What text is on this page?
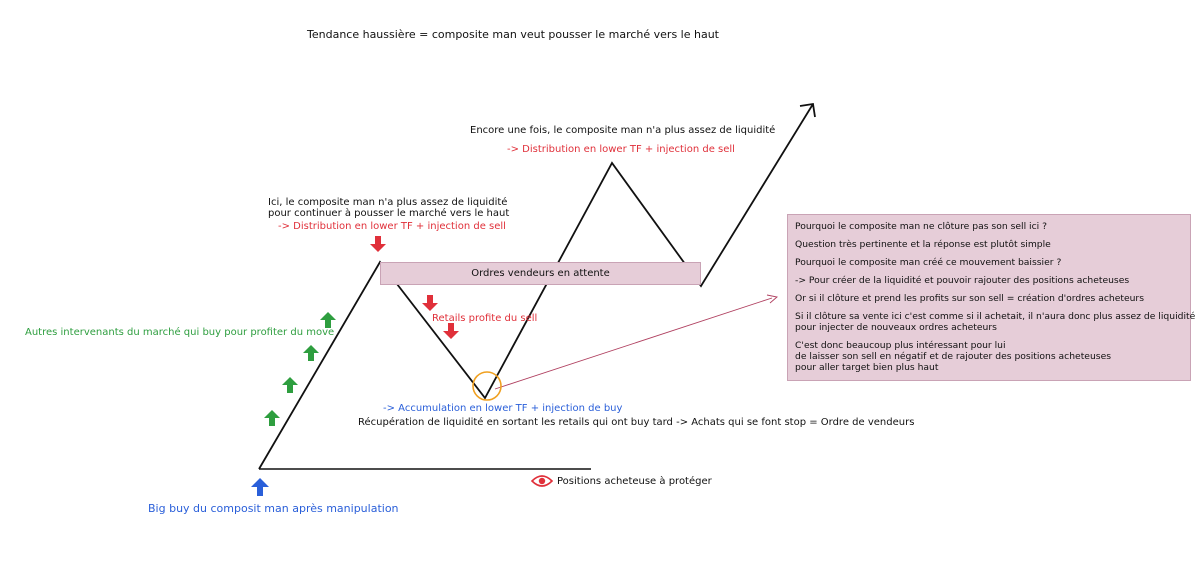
Ordres vendeurs en attente
Tendance haussière = composite man veut pousser le marché vers le haut
Encore une fois, le composite man n'a plus assez de liquidité
-> Distribution en lower TF + injection de sell
Ici, le composite man n'a plus assez de liquidité
pour continuer à pousser le marché vers le haut
-> Distribution en lower TF + injection de sell
Retails profite du sell
Autres intervenants du marché qui buy pour profiter du move
-> Accumulation en lower TF + injection de buy
Récupération de liquidité en sortant les retails qui ont buy tard -> Achats qui se font stop = Ordre de vendeurs
Positions acheteuse à protéger
Big buy du composit man après manipulation
Pourquoi le composite man ne clôture pas son sell ici ?
Question très pertinente et la réponse est plutôt simple
Pourquoi le composite man créé ce mouvement baissier ?
-> Pour créer de la liquidité et pouvoir rajouter des positions acheteuses
Or si il clôture et prend les profits sur son sell = création d'ordres acheteurs
Si il clôture sa vente ici c'est comme si il achetait, il n'aura donc plus assez de liquidité
pour injecter de nouveaux ordres acheteurs
C'est donc beaucoup plus intéressant pour lui
de laisser son sell en négatif et de rajouter des positions acheteuses
pour aller target bien plus haut
